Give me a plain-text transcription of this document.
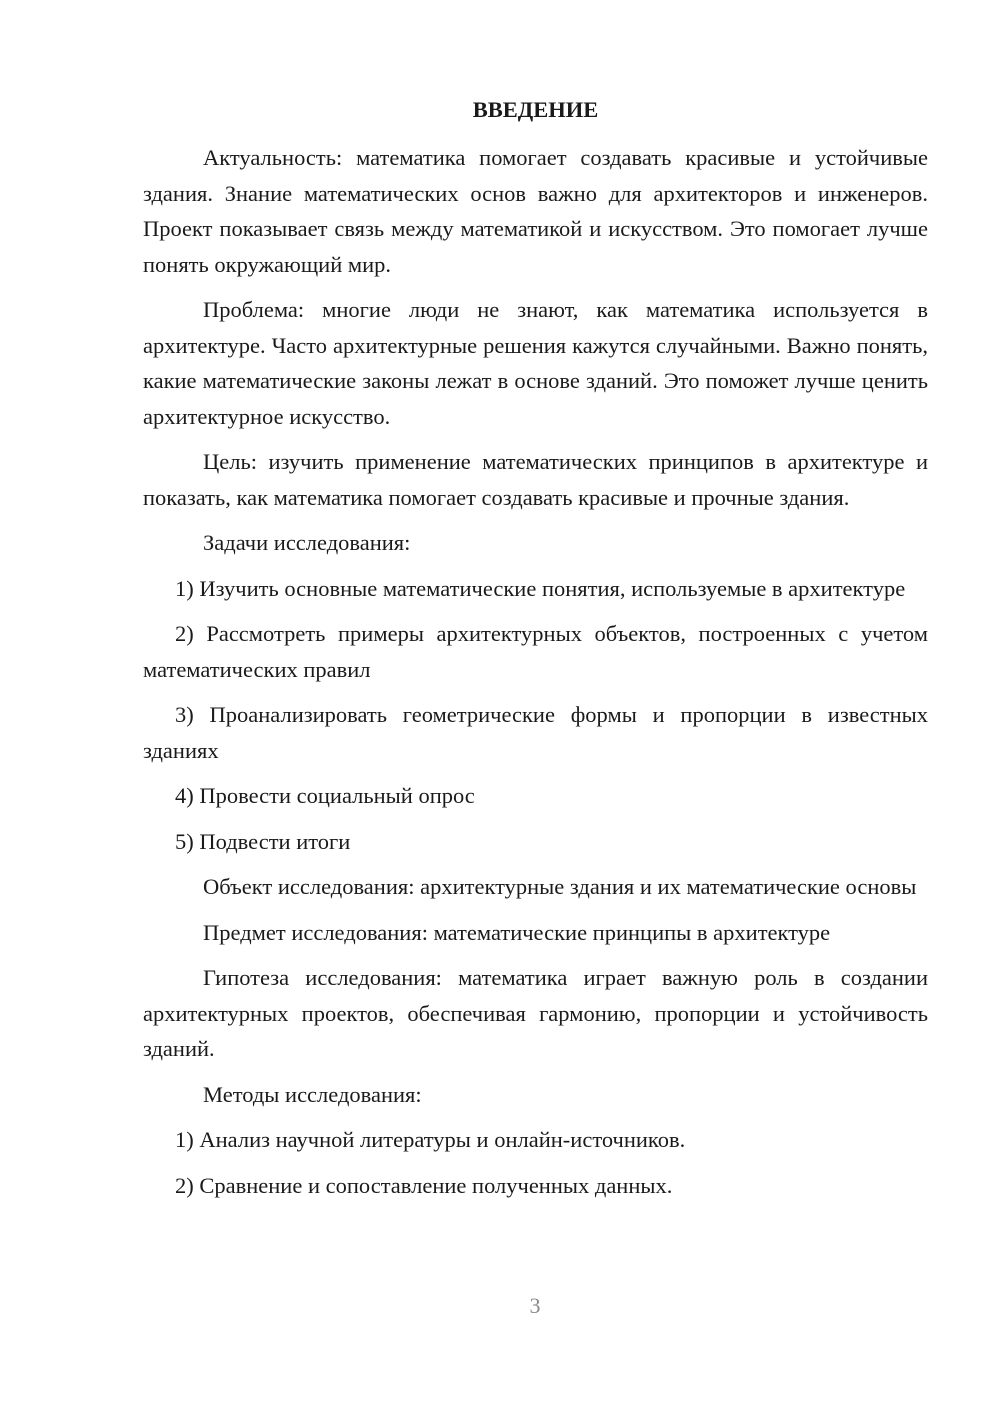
ВВЕДЕНИЕ

Актуальность: математика помогает создавать красивые и устойчивые здания. Знание математических основ важно для архитекторов и инженеров. Проект показывает связь между математикой и искусством. Это помогает лучше понять окружающий мир.

Проблема: многие люди не знают, как математика используется в архитектуре. Часто архитектурные решения кажутся случайными. Важно понять, какие математические законы лежат в основе зданий. Это поможет лучше ценить архитектурное искусство.

Цель: изучить применение математических принципов в архитектуре и показать, как математика помогает создавать красивые и прочные здания.

Задачи исследования:

1) Изучить основные математические понятия, используемые в архитектуре

2) Рассмотреть примеры архитектурных объектов, построенных с учетом математических правил

3) Проанализировать геометрические формы и пропорции в известных зданиях

4) Провести социальный опрос

5) Подвести итоги

Объект исследования: архитектурные здания и их математические основы

Предмет исследования: математические принципы в архитектуре

Гипотеза исследования: математика играет важную роль в создании архитектурных проектов, обеспечивая гармонию, пропорции и устойчивость зданий.

Методы исследования:

1) Анализ научной литературы и онлайн-источников.

2) Сравнение и сопоставление полученных данных.

3
